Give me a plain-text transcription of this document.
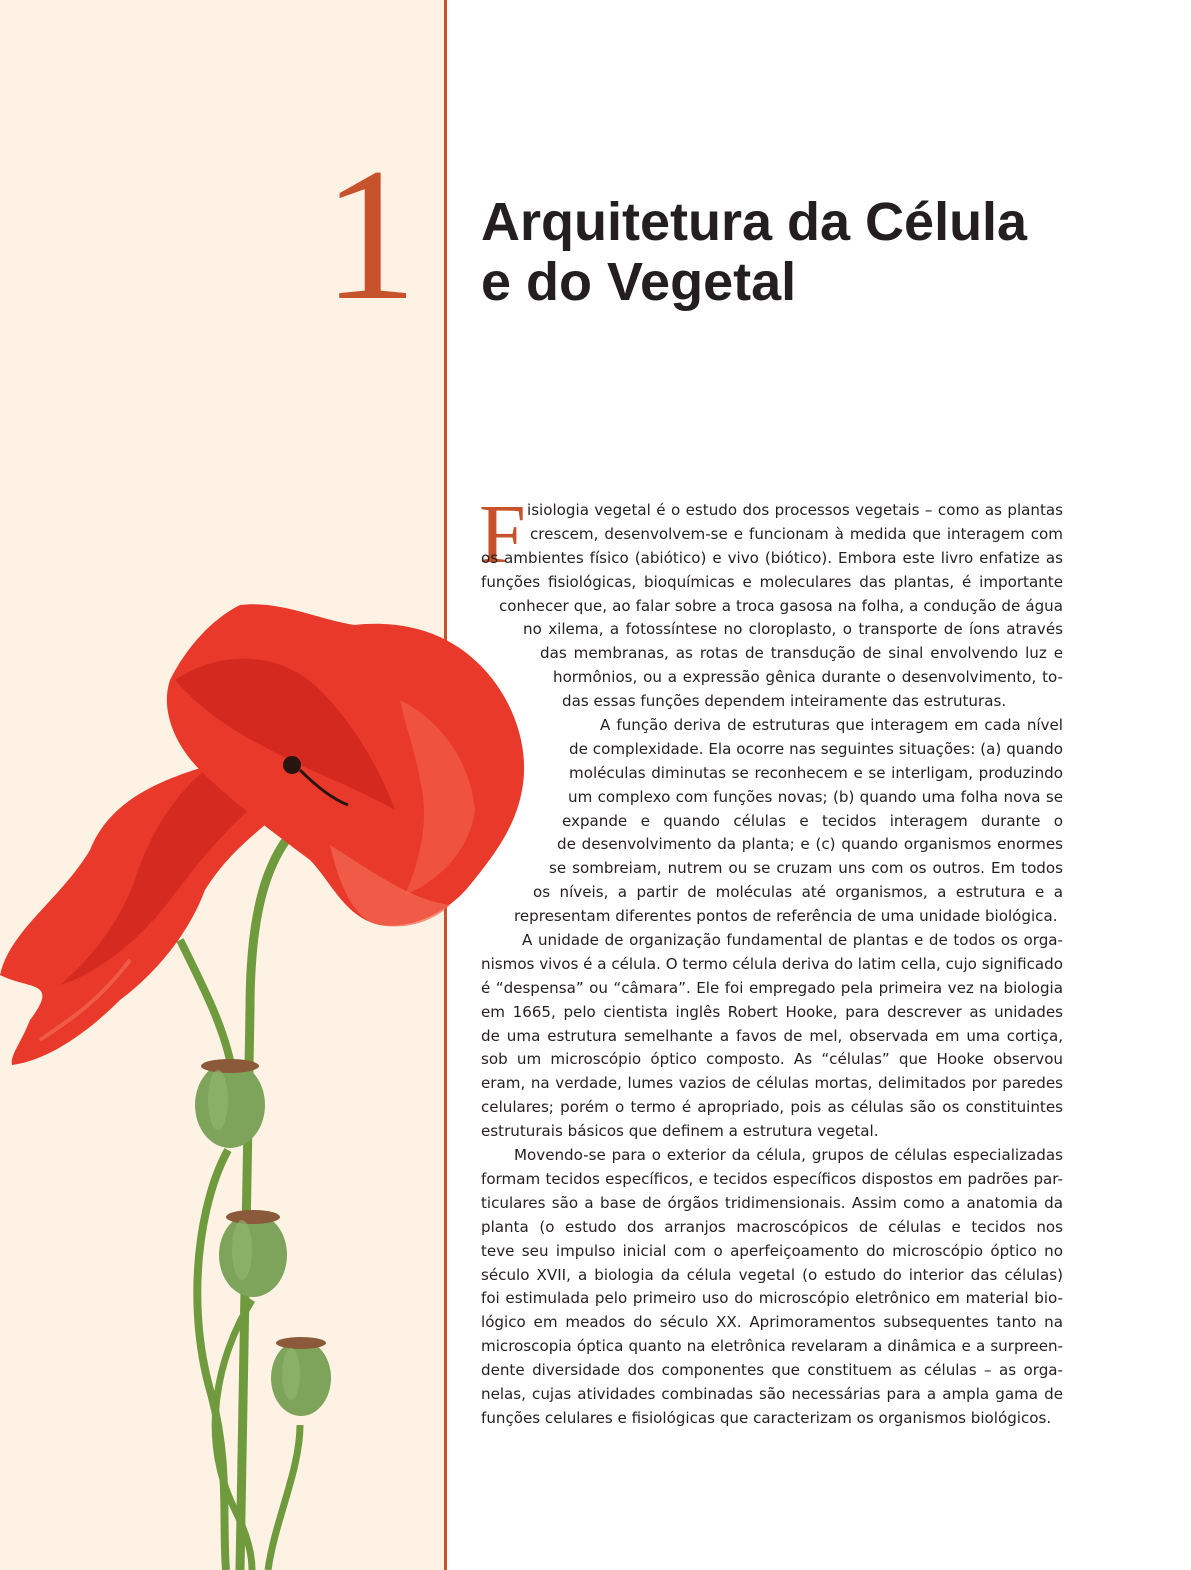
1	Arquitetura da Célula
e do Vegetal
F isiologia vegetal é o estudo dos processos vegetais – como as plantas
crescem, desenvolvem-se e funcionam à medida que interagem com
os ambientes físico (abiótico) e vivo (biótico). Embora este livro enfatize as
funções fisiológicas, bioquímicas e moleculares das plantas, é importante
conhecer que, ao falar sobre a troca gasosa na folha, a condução de água
no xilema, a fotossíntese no cloroplasto, o transporte de íons através
das membranas, as rotas de transdução de sinal envolvendo luz e
hormônios, ou a expressão gênica durante o desenvolvimento, to-
das essas funções dependem inteiramente das estruturas.
A função deriva de estruturas que interagem em cada nível
de complexidade. Ela ocorre nas seguintes situações: (a) quando
moléculas diminutas se reconhecem e se interligam, produzindo
um complexo com funções novas; (b) quando uma folha nova se
expande e quando células e tecidos interagem durante o
de desenvolvimento da planta; e (c) quando organismos enormes
se sombreiam, nutrem ou se cruzam uns com os outros. Em todos
os níveis, a partir de moléculas até organismos, a estrutura e a
representam diferentes pontos de referência de uma unidade biológica.
A unidade de organização fundamental de plantas e de todos os orga-
nismos vivos é a célula. O termo célula deriva do latim cella, cujo significado
é “despensa” ou “câmara”. Ele foi empregado pela primeira vez na biologia
em 1665, pelo cientista inglês Robert Hooke, para descrever as unidades
de uma estrutura semelhante a favos de mel, observada em uma cortiça,
sob um microscópio óptico composto. As “células” que Hooke observou
eram, na verdade, lumes vazios de células mortas, delimitados por paredes
celulares; porém o termo é apropriado, pois as células são os constituintes
estruturais básicos que definem a estrutura vegetal.
Movendo-se para o exterior da célula, grupos de células especializadas
formam tecidos específicos, e tecidos específicos dispostos em padrões par-
ticulares são a base de órgãos tridimensionais. Assim como a anatomia da
planta (o estudo dos arranjos macroscópicos de células e tecidos nos
teve seu impulso inicial com o aperfeiçoamento do microscópio óptico no
século XVII, a biologia da célula vegetal (o estudo do interior das células)
foi estimulada pelo primeiro uso do microscópio eletrônico em material bio-
lógico em meados do século XX. Aprimoramentos subsequentes tanto na
microscopia óptica quanto na eletrônica revelaram a dinâmica e a surpreen-
dente diversidade dos componentes que constituem as células – as orga-
nelas, cujas atividades combinadas são necessárias para a ampla gama de
funções celulares e fisiológicas que caracterizam os organismos biológicos.
